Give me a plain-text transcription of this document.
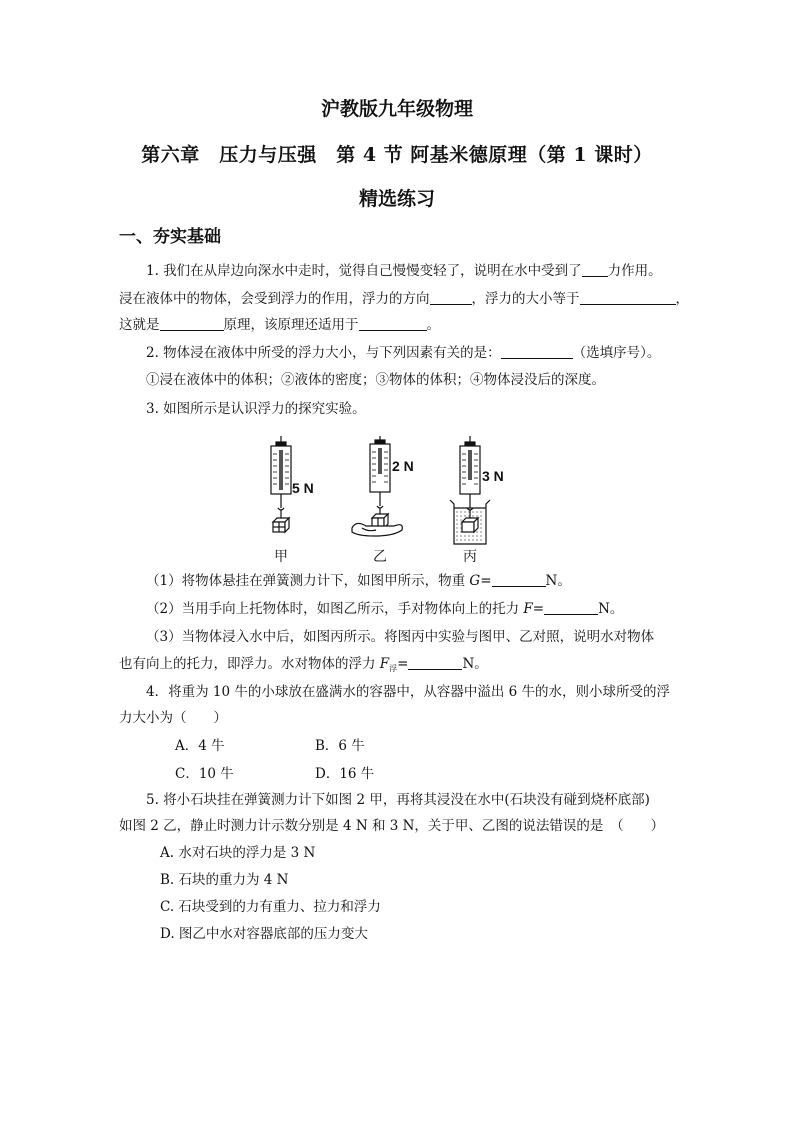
沪教版九年级物理
第六章　压力与压强　第 4 节 阿基米德原理（第 1 课时）
精选练习
一、夯实基础
1. 我们在从岸边向深水中走时，觉得自己慢慢变轻了，说明在水中受到了 力作用。
浸在液体中的物体，会受到浮力的作用，浮力的方向	，浮力的大小等于	，
这就是	原理，该原理还适用于	。
2. 物体浸在液体中所受的浮力大小，与下列因素有关的是：	（选填序号）。
①浸在液体中的体积；②液体的密度；③物体的体积；④物体浸没后的深度。
3. 如图所示是认识浮力的探究实验。
5 N
2 N
3 N
甲	乙	丙
（1）将物体悬挂在弹簧测力计下，如图甲所示，物重 G=	N。
（2）当用手向上托物体时，如图乙所示，手对物体向上的托力 F=	N。
（3）当物体浸入水中后，如图丙所示。将图丙中实验与图甲、乙对照，说明水对物体
也有向上的托力，即浮力。水对物体的浮力 $F_浮=$	N。
4．将重为 10 牛的小球放在盛满水的容器中，从容器中溢出 6 牛的水，则小球所受的浮
力大小为（　　）
A．4 牛	B．6 牛
C．10 牛	D．16 牛
5. 将小石块挂在弹簧测力计下如图 2 甲，再将其浸没在水中(石块没有碰到烧杯底部)
如图 2 乙，静止时测力计示数分别是 4 N 和 3 N，关于甲、乙图的说法错误的是　（　　）
A. 水对石块的浮力是 3 N
B. 石块的重力为 4 N
C. 石块受到的力有重力、拉力和浮力
D. 图乙中水对容器底部的压力变大
